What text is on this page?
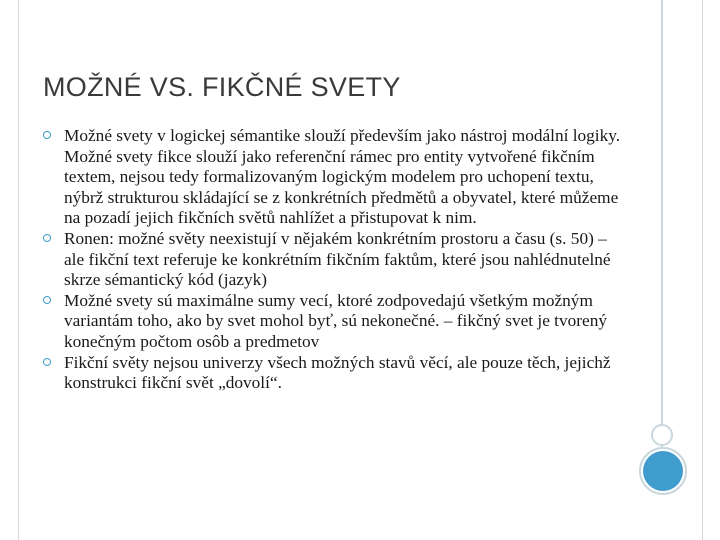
MOŽNÉ VS. FIKČNÉ SVETY
Možné svety v logickej sémantike slouží především jako nástroj modální logiky. Možné svety fikce slouží jako referenční rámec pro entity vytvořené fikčním textem, nejsou tedy formalizovaným logickým modelem pro uchopení textu, nýbrž strukturou skládající se z konkrétních předmětů a obyvatel, které můžeme na pozadí jejich fikčních světů nahlížet a přistupovat k nim.
Ronen: možné světy neexistují v nějakém konkrétním prostoru a času (s. 50) – ale fikční text referuje ke konkrétním fikčním faktům, které jsou nahlédnutelné skrze sémantický kód (jazyk)
Možné svety sú maximálne sumy vecí, ktoré zodpovedajú všetkým možným variantám toho, ako by svet mohol byť, sú nekonečné. – fikčný svet je tvorený konečným počtom osôb a predmetov
Fikční světy nejsou univerzy všech možných stavů věcí, ale pouze těch, jejichž konstrukci fikční svět „dovolí“.
